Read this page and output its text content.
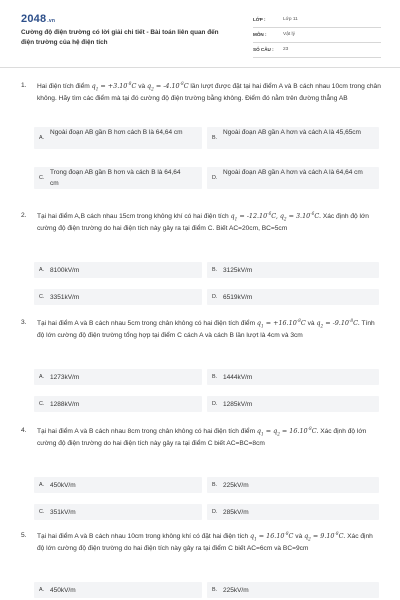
2048.vn
Cường độ điện trường có lời giải chi tiết - Bài toán liên quan đến điện trường của hệ điện tích
LỚP :	Lớp 11
MÔN :	Vật lý
SỐ CÂU : 23
1. Hai điện tích điểm $q_1 = +3.10^{-8}C$ và $q_2 = -4.10^{-8}C$ lần lượt được đặt tại hai điểm A và B cách nhau 10cm trong chân không. Hãy tìm các điểm mà tại đó cường độ điện trường bằng không. Điểm đó nằm trên đường thẳng AB
A.
Ngoài đoạn AB gần B hơn cách B là 64,64 cm
B.
Ngoài đoạn AB gần A hơn và cách A là 45,65cm
C.
Trong đoạn AB gần B hơn và cách B là 64,64 cm
D.
Ngoài đoạn AB gần A hơn và cách A là 64,64 cm
2. Tại hai điểm A,B cách nhau 15cm trong không khí có hai điện tích $q_1 = -12.10^{-6}C$, $q_2 = 3.10^{-6}C$. Xác định độ lớn cường độ điện trường do hai điện tích này gây ra tại điểm C. Biết AC=20cm, BC=5cm
A. 8100kV/m	B. 3125kV/m
C. 3351kV/m	D. 6519kV/m
3. Tại hai điểm A và B cách nhau 5cm trong chân không có hai điện tích điểm $q_1 = +16.10^{-8}C$ và $q_2 = -9.10^{-8}C$. Tính độ lớn cường độ điện trường tổng hợp tại điểm C cách A và cách B lần lượt là 4cm và 3cm
A. 1273kV/m	B. 1444kV/m
C. 1288kV/m	D. 1285kV/m
4. Tại hai điểm A và B cách nhau 8cm trong chân không có hai điện tích điểm $q_1 = q_2 = 16.10^{-8}C$. Xác định độ lớn cường độ điện trường do hai điện tích này gây ra tại điểm C biết AC=BC=8cm
A. 450kV/m	B. 225kV/m
C. 351kV/m	D. 285kV/m
5. Tại hai điểm A và B cách nhau 10cm trong không khí có đặt hai điện tích $q_1 = 16.10^{-8}C$ và $q_2 = 9.10^{-8}C$. Xác định độ lớn cường độ điện trường do hai điện tích này gây ra tại điểm C biết AC=6cm và BC=9cm
A. 450kV/m	B. 225kV/m
